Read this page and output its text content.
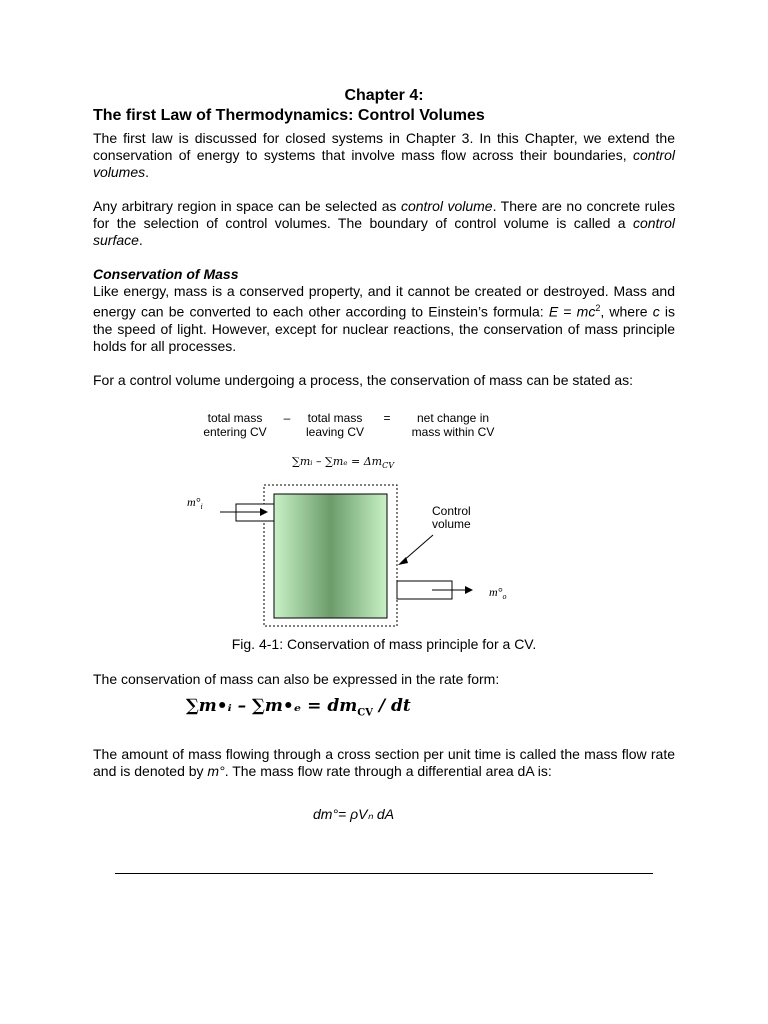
Chapter 4:
The first Law of Thermodynamics: Control Volumes

The first law is discussed for closed systems in Chapter 3. In this Chapter, we extend the conservation of energy to systems that involve mass flow across their boundaries, control volumes.

Any arbitrary region in space can be selected as control volume. There are no concrete rules for the selection of control volumes. The boundary of control volume is called a control surface.

Conservation of Mass

Like energy, mass is a conserved property, and it cannot be created or destroyed. Mass and energy can be converted to each other according to Einstein’s formula: $E = mc^2$, where c is the speed of light. However, except for nuclear reactions, the conservation of mass principle holds for all processes.

For a control volume undergoing a process, the conservation of mass can be stated as:

total mass
entering CV
– total mass
leaving CV
= net change in
mass within CV
∑mᵢ – $\sum m_e = \Delta m_{CV}$
$m^\circ_i$
$m^\circ_o$
Control
volume
Fig. 4-1: Conservation of mass principle for a CV.
The conservation of mass can also be expressed in the rate form:
∑m•ᵢ – ∑m•ₑ = $dm_{CV}$ / dt
The amount of mass flowing through a cross section per unit time is called the mass flow rate and is denoted by m°. The mass flow rate through a differential area dA is:
dm°= ρVₙ dA
